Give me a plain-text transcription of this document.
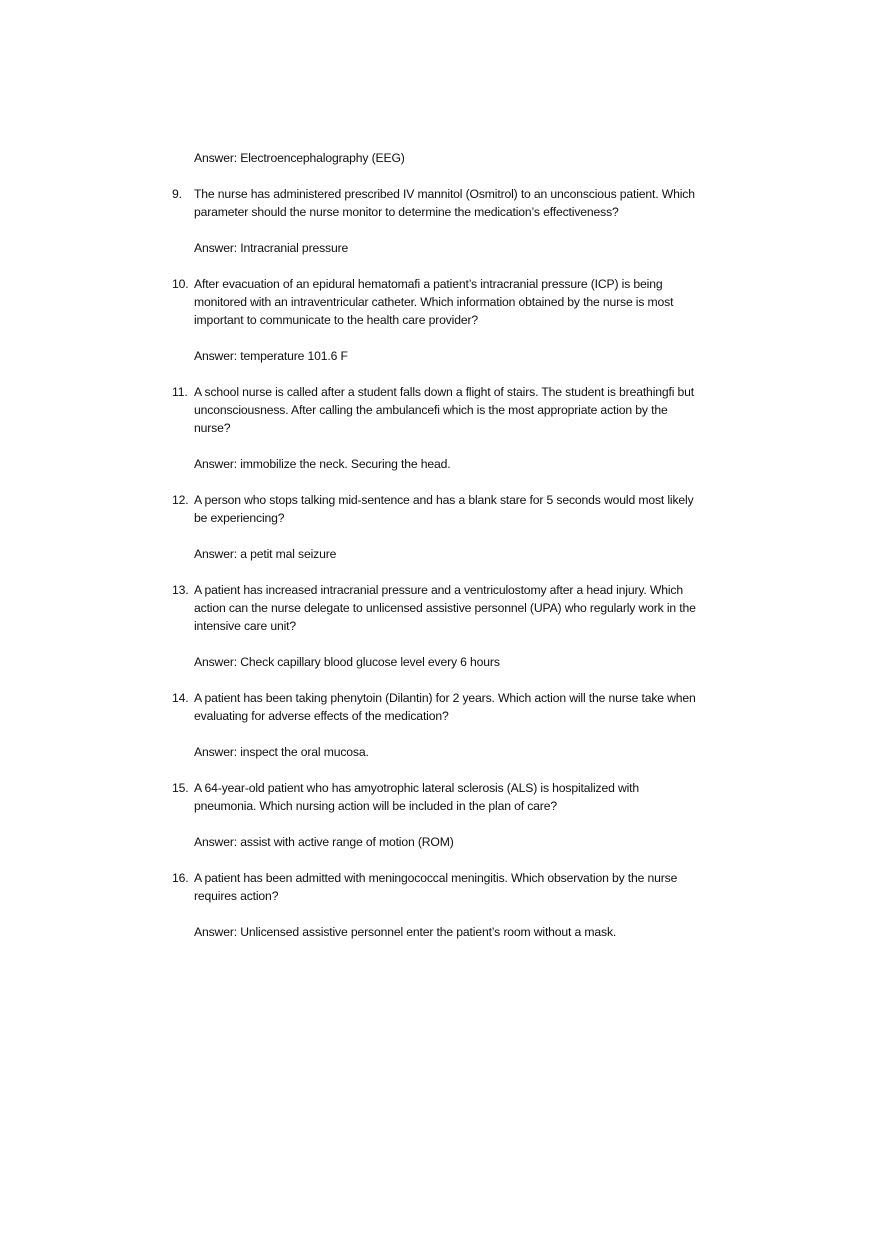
Answer: Electroencephalography (EEG)
9. The nurse has administered prescribed IV mannitol (Osmitrol) to an unconscious patient. Which
parameter should the nurse monitor to determine the medication’s effectiveness?
Answer: Intracranial pressure
10. After evacuation of an epidural hematomafi a patient’s intracranial pressure (ICP) is being
monitored with an intraventricular catheter. Which information obtained by the nurse is most
important to communicate to the health care provider?
Answer: temperature 101.6 F
11. A school nurse is called after a student falls down a flight of stairs. The student is breathingfi but
unconsciousness. After calling the ambulancefi which is the most appropriate action by the
nurse?
Answer: immobilize the neck. Securing the head.
12. A person who stops talking mid-sentence and has a blank stare for 5 seconds would most likely
be experiencing?
Answer: a petit mal seizure
13. A patient has increased intracranial pressure and a ventriculostomy after a head injury. Which
action can the nurse delegate to unlicensed assistive personnel (UPA) who regularly work in the
intensive care unit?
Answer: Check capillary blood glucose level every 6 hours
14. A patient has been taking phenytoin (Dilantin) for 2 years. Which action will the nurse take when
evaluating for adverse effects of the medication?
Answer: inspect the oral mucosa.
15. A 64-year-old patient who has amyotrophic lateral sclerosis (ALS) is hospitalized with
pneumonia. Which nursing action will be included in the plan of care?
Answer: assist with active range of motion (ROM)
16. A patient has been admitted with meningococcal meningitis. Which observation by the nurse
requires action?
Answer: Unlicensed assistive personnel enter the patient’s room without a mask.
